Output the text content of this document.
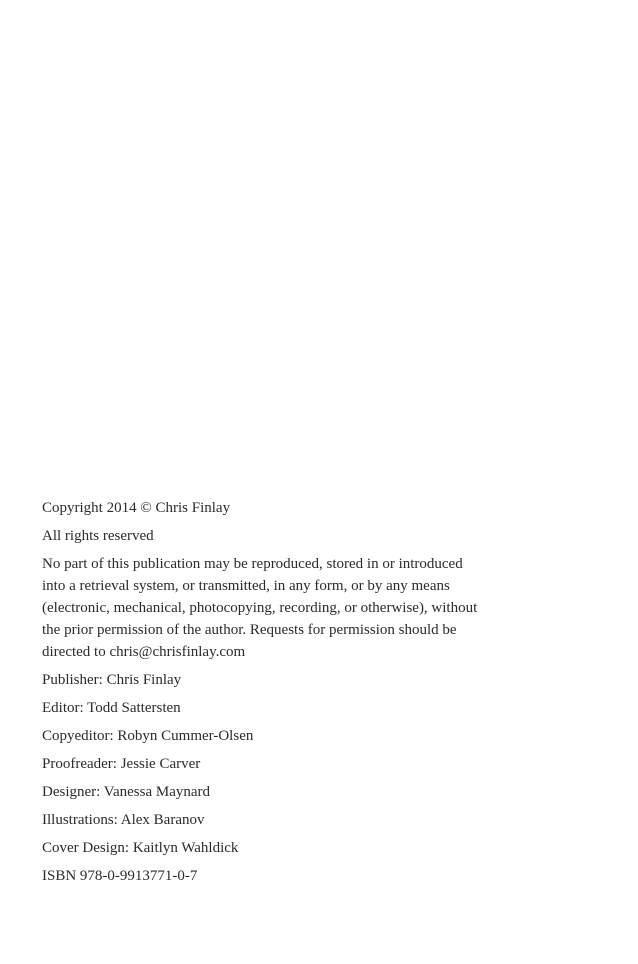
Copyright 2014 © Chris Finlay
All rights reserved
No part of this publication may be reproduced, stored in or introduced
into a retrieval system, or transmitted, in any form, or by any means
(electronic, mechanical, photocopying, recording, or otherwise), without
the prior permission of the author. Requests for permission should be
directed to chris@chrisfinlay.com
Publisher: Chris Finlay
Editor: Todd Sattersten
Copyeditor: Robyn Cummer-Olsen
Proofreader: Jessie Carver
Designer: Vanessa Maynard
Illustrations: Alex Baranov
Cover Design: Kaitlyn Wahldick
ISBN 978-0-9913771-0-7
